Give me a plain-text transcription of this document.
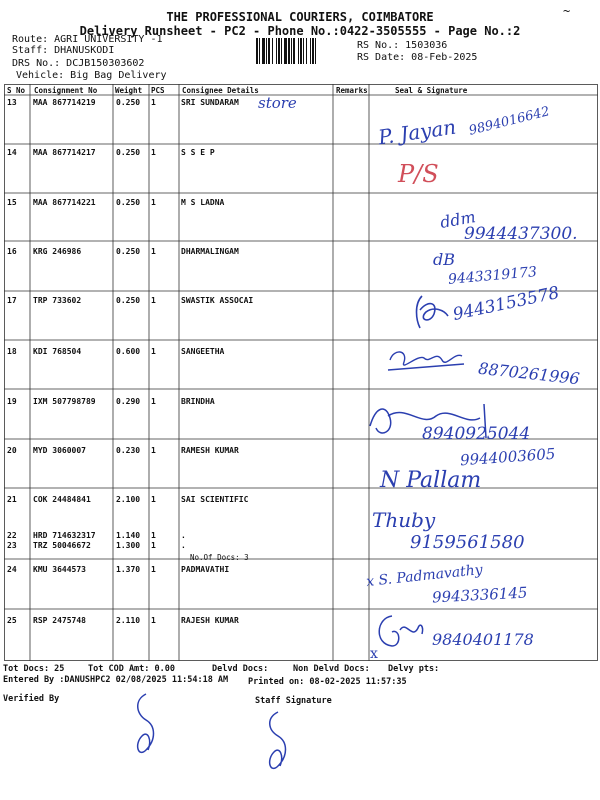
THE PROFESSIONAL COURIERS, COIMBATORE
Delivery Runsheet - PC2 - Phone No.:0422-3505555 - Page No.:2
~
Route: AGRI UNIVERSITY -1
Staff: DHANUSKODI
DRS No.: DCJB150303602
Vehicle: Big Bag Delivery
RS No.: 1503036
RS Date: 08-Feb-2025
S No Consignment No Weight PCS Consignee Details	Remarks	Seal & Signature
13 MAA 867714219	0.250 1	SRI SUNDARAM
14 MAA 867714217	0.250 1	S S E P
15 MAA 867714221	0.250 1	M S LADNA
16 KRG 246986	0.250 1	DHARMALINGAM
17 TRP 733602	0.250 1	SWASTIK ASSOCAI
18 KDI 768504	0.600 1	SANGEETHA
19 IXM 507798789	0.290 1	BRINDHA
20 MYD 3060007	0.230 1	RAMESH KUMAR
21 COK 24484841	2.100 1	SAI SCIENTIFIC
22 HRD 714632317	1.140 1	.
23 TRZ 50046672	1.300 1	.
No.Of Docs: 3
24 KMU 3644573	1.370 1	PADMAVATHI
25 RSP 2475748	2.110 1	RAJESH KUMAR
store
P. Jayan 9894016642
P/S
ddm
9944437300.
dB
9443319173
9443153578
8870261996
8940925044
9944003605
N Pallam
Thuby
9159561580
x S. Padmavathy
9943336145
9840401178
x
Tot Docs: 25	Tot COD Amt: 0.00	Delvd Docs:	Non Delvd Docs: Delvy pts:
Entered By :DANUSHPC2 02/08/2025 11:54:18 AM Printed on: 08-02-2025 11:57:35
Verified By	Staff Signature
